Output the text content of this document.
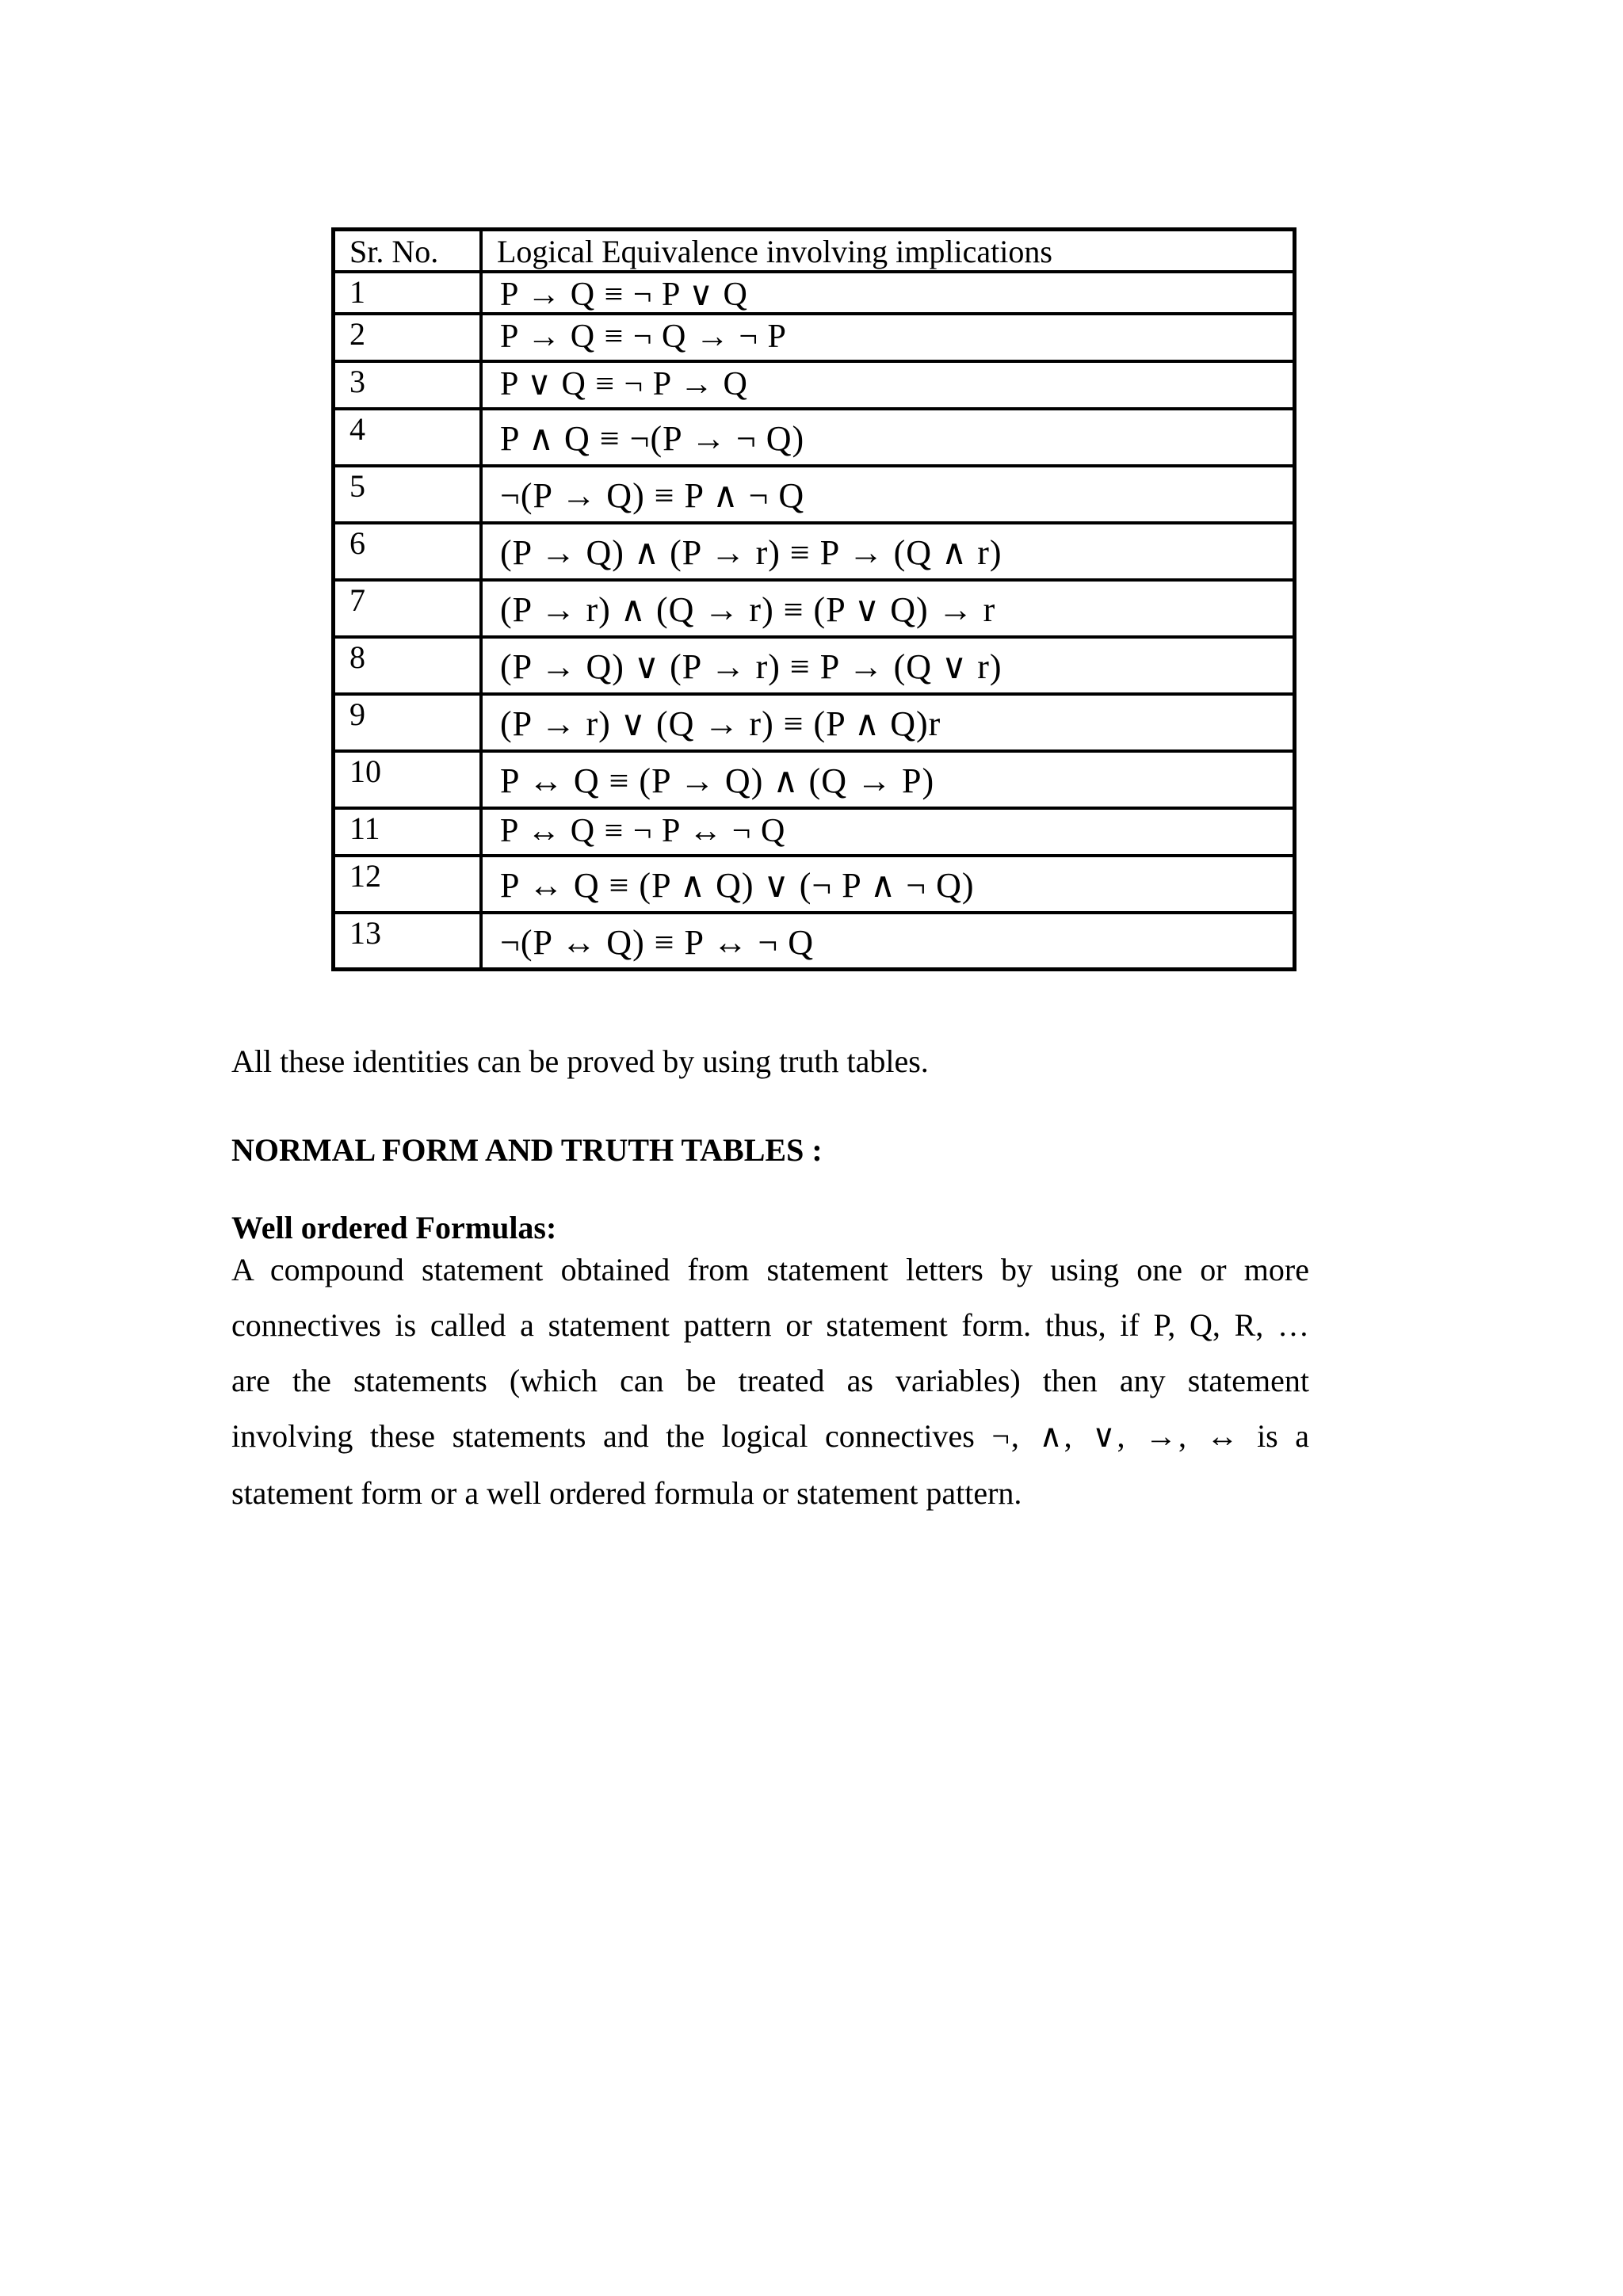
Sr. No.	Logical Equivalence involving implications
1	P → Q ≡ ¬ P ∨ Q
2	P → Q ≡ ¬ Q → ¬ P
3	P ∨ Q ≡ ¬ P → Q
4	P ∧ Q ≡ ¬(P → ¬ Q)
5	¬(P → Q) ≡ P ∧ ¬ Q
6	(P → Q) ∧ (P → r) ≡ P → (Q ∧ r)
7	(P → r) ∧ (Q → r) ≡ (P ∨ Q) → r
8	(P → Q) ∨ (P → r) ≡ P → (Q ∨ r)
9	(P → r) ∨ (Q → r) ≡ (P ∧ Q)r
10	P ↔ Q ≡ (P → Q) ∧ (Q → P)
11	P ↔ Q ≡ ¬ P ↔ ¬ Q
12	P ↔ Q ≡ (P ∧ Q) ∨ (¬ P ∧ ¬ Q)
13	¬(P ↔ Q) ≡ P ↔ ¬ Q
All these identities can be proved by using truth tables.
NORMAL FORM AND TRUTH TABLES :
Well ordered Formulas:
A compound statement obtained from statement letters by using one or more
connectives is called a statement pattern or statement form. thus, if P, Q, R, …
are the statements (which can be treated as variables) then any statement
involving these statements and the logical connectives ¬, ∧, ∨, →, ↔ is a
statement form or a well ordered formula or statement pattern.
